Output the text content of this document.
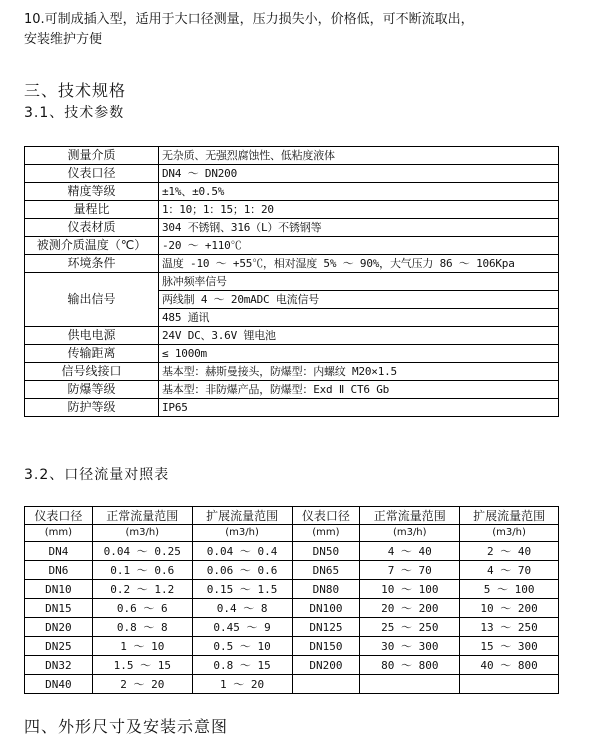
10.可制成插入型，适用于大口径测量，压力损失小，价格低，可不断流取出，
安装维护方便
三、技术规格
3.1、技术参数
测量介质	无杂质、无强烈腐蚀性、低粘度液体
仪表口径	DN4 ～ DN200
精度等级	±1%、±0.5%
量程比	1：10；1：15；1：20
仪表材质	304 不锈钢、316（L）不锈钢等
被测介质温度（℃）	-20 ～ +110℃
环境条件	温度 -10 ～ +55℃，相对湿度 5% ～ 90%，大气压力 86 ～ 106Kpa
输出信号	脉冲频率信号
	两线制 4 ～ 20mADC 电流信号
	485 通讯
供电电源	24V DC、3.6V 锂电池
传输距离	≤ 1000m
信号线接口	基本型：赫斯曼接头，防爆型：内螺纹 M20×1.5
防爆等级	基本型：非防爆产品，防爆型：Exd Ⅱ CT6 Gb
防护等级	IP65
3.2、口径流量对照表
仪表口径	正常流量范围	扩展流量范围	仪表口径	正常流量范围	扩展流量范围
(mm)	(m3/h)	(m3/h)	(mm)	(m3/h)	(m3/h)
DN4	0.04 ～ 0.25	0.04 ～ 0.4	DN50	4 ～ 40	2 ～ 40
DN6	0.1 ～ 0.6	0.06 ～ 0.6	DN65	7 ～ 70	4 ～ 70
DN10	0.2 ～ 1.2	0.15 ～ 1.5	DN80	10 ～ 100	5 ～ 100
DN15	0.6 ～ 6	0.4 ～ 8	DN100	20 ～ 200	10 ～ 200
DN20	0.8 ～ 8	0.45 ～ 9	DN125	25 ～ 250	13 ～ 250
DN25	1 ～ 10	0.5 ～ 10	DN150	30 ～ 300	15 ～ 300
DN32	1.5 ～ 15	0.8 ～ 15	DN200	80 ～ 800	40 ～ 800
DN40	2 ～ 20	1 ～ 20			
四、外形尺寸及安装示意图
